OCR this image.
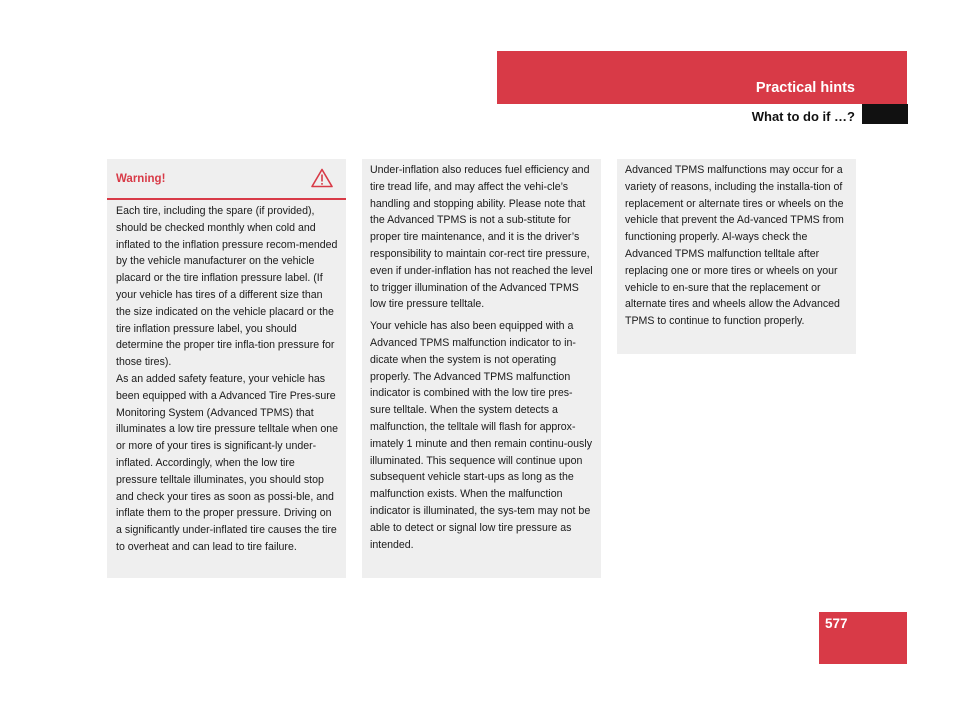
Practical hints
What to do if …?
Warning!

Each tire, including the spare (if provided), should be checked monthly when cold and inflated to the inflation pressure recom-mended by the vehicle manufacturer on the vehicle placard or the tire inflation pressure label. (If your vehicle has tires of a different size than the size indicated on the vehicle placard or the tire inflation pressure label, you should determine the proper tire infla-tion pressure for those tires).

As an added safety feature, your vehicle has been equipped with a Advanced Tire Pres-sure Monitoring System (Advanced TPMS) that illuminates a low tire pressure telltale when one or more of your tires is significant-ly under-inflated. Accordingly, when the low tire pressure telltale illuminates, you should stop and check your tires as soon as possi-ble, and inflate them to the proper pressure. Driving on a significantly under-inflated tire causes the tire to overheat and can lead to tire failure.

Under-inflation also reduces fuel efficiency and tire tread life, and may affect the vehi-cle’s handling and stopping ability. Please note that the Advanced TPMS is not a sub-stitute for proper tire maintenance, and it is the driver’s responsibility to maintain cor-rect tire pressure, even if under-inflation has not reached the level to trigger illumination of the Advanced TPMS low tire pressure telltale.

Your vehicle has also been equipped with a Advanced TPMS malfunction indicator to in-dicate when the system is not operating properly. The Advanced TPMS malfunction indicator is combined with the low tire pres-sure telltale. When the system detects a malfunction, the telltale will flash for approx-imately 1 minute and then remain continu-ously illuminated. This sequence will continue upon subsequent vehicle start-ups as long as the malfunction exists. When the malfunction indicator is illuminated, the sys-tem may not be able to detect or signal low tire pressure as intended.

Advanced TPMS malfunctions may occur for a variety of reasons, including the installa-tion of replacement or alternate tires or wheels on the vehicle that prevent the Ad-vanced TPMS from functioning properly. Al-ways check the Advanced TPMS malfunction telltale after replacing one or more tires or wheels on your vehicle to en-sure that the replacement or alternate tires and wheels allow the Advanced TPMS to continue to function properly.

577
